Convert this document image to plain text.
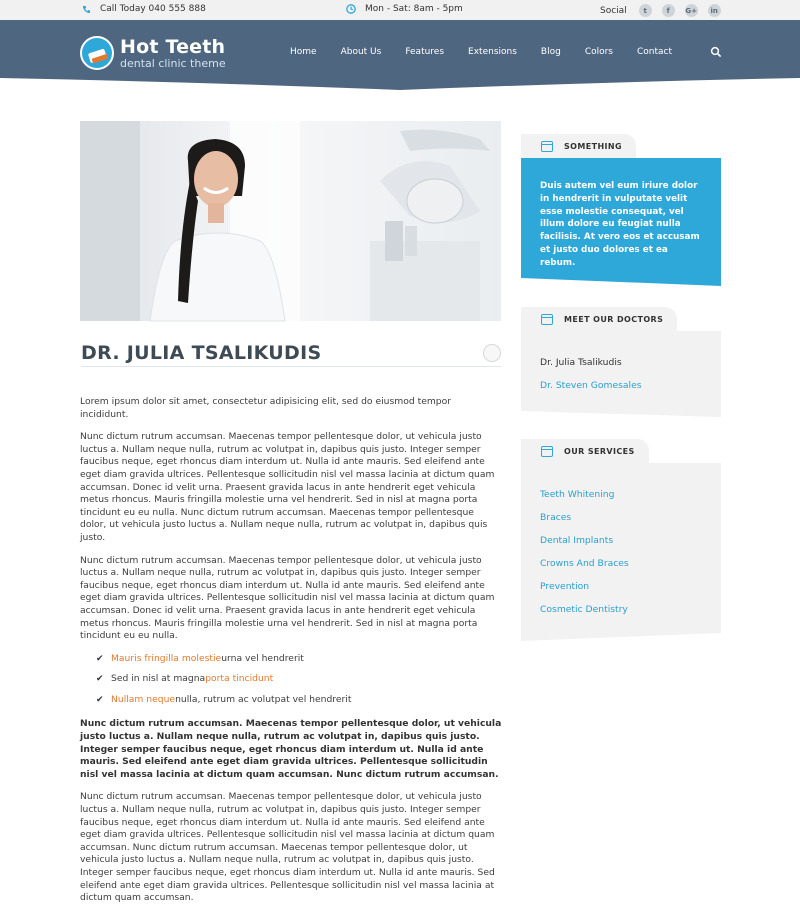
Call Today 040 555 888	Mon - Sat: 8am - 5pm	Social	t	f	G+	in
Hot Teeth
dental clinic theme
Home	About Us	Features	Extensions	Blog	Colors	Contact
DR. JULIA TSALIKUDIS

Lorem ipsum dolor sit amet, consectetur adipisicing elit, sed do eiusmod tempor incididunt.

Nunc dictum rutrum accumsan. Maecenas tempor pellentesque dolor, ut vehicula justo luctus a. Nullam neque nulla, rutrum ac volutpat in, dapibus quis justo. Integer semper faucibus neque, eget rhoncus diam interdum ut. Nulla id ante mauris. Sed eleifend ante eget diam gravida ultrices. Pellentesque sollicitudin nisl vel massa lacinia at dictum quam accumsan. Donec id velit urna. Praesent gravida lacus in ante hendrerit eget vehicula metus rhoncus. Mauris fringilla molestie urna vel hendrerit. Sed in nisl at magna porta tincidunt eu eu nulla. Nunc dictum rutrum accumsan. Maecenas tempor pellentesque dolor, ut vehicula justo luctus a. Nullam neque nulla, rutrum ac volutpat in, dapibus quis justo.

Nunc dictum rutrum accumsan. Maecenas tempor pellentesque dolor, ut vehicula justo luctus a. Nullam neque nulla, rutrum ac volutpat in, dapibus quis justo. Integer semper faucibus neque, eget rhoncus diam interdum ut. Nulla id ante mauris. Sed eleifend ante eget diam gravida ultrices. Pellentesque sollicitudin nisl vel massa lacinia at dictum quam accumsan. Donec id velit urna. Praesent gravida lacus in ante hendrerit eget vehicula metus rhoncus. Mauris fringilla molestie urna vel hendrerit. Sed in nisl at magna porta tincidunt eu eu nulla.

✔ Mauris fringilla molestie urna vel hendrerit
✔ Sed in nisl at magna porta tincidunt
✔ Nullam neque nulla, rutrum ac volutpat vel hendrerit

Nunc dictum rutrum accumsan. Maecenas tempor pellentesque dolor, ut vehicula justo luctus a. Nullam neque nulla, rutrum ac volutpat in, dapibus quis justo. Integer semper faucibus neque, eget rhoncus diam interdum ut. Nulla id ante mauris. Sed eleifend ante eget diam gravida ultrices. Pellentesque sollicitudin nisl vel massa lacinia at dictum quam accumsan. Nunc dictum rutrum accumsan.

Nunc dictum rutrum accumsan. Maecenas tempor pellentesque dolor, ut vehicula justo luctus a. Nullam neque nulla, rutrum ac volutpat in, dapibus quis justo. Integer semper faucibus neque, eget rhoncus diam interdum ut. Nulla id ante mauris. Sed eleifend ante eget diam gravida ultrices. Pellentesque sollicitudin nisl vel massa lacinia at dictum quam accumsan. Nunc dictum rutrum accumsan. Maecenas tempor pellentesque dolor, ut vehicula justo luctus a. Nullam neque nulla, rutrum ac volutpat in, dapibus quis justo. Integer semper faucibus neque, eget rhoncus diam interdum ut. Nulla id ante mauris. Sed eleifend ante eget diam gravida ultrices. Pellentesque sollicitudin nisl vel massa lacinia at dictum quam accumsan.

SOMETHING
Duis autem vel eum iriure dolor in hendrerit in vulputate velit esse molestie consequat, vel illum dolore eu feugiat nulla facilisis. At vero eos et accusam et justo duo dolores et ea rebum.
MEET OUR DOCTORS
Dr. Julia Tsalikudis
Dr. Steven Gomesales
OUR SERVICES
Teeth Whitening
Braces
Dental Implants
Crowns And Braces
Prevention
Cosmetic Dentistry
